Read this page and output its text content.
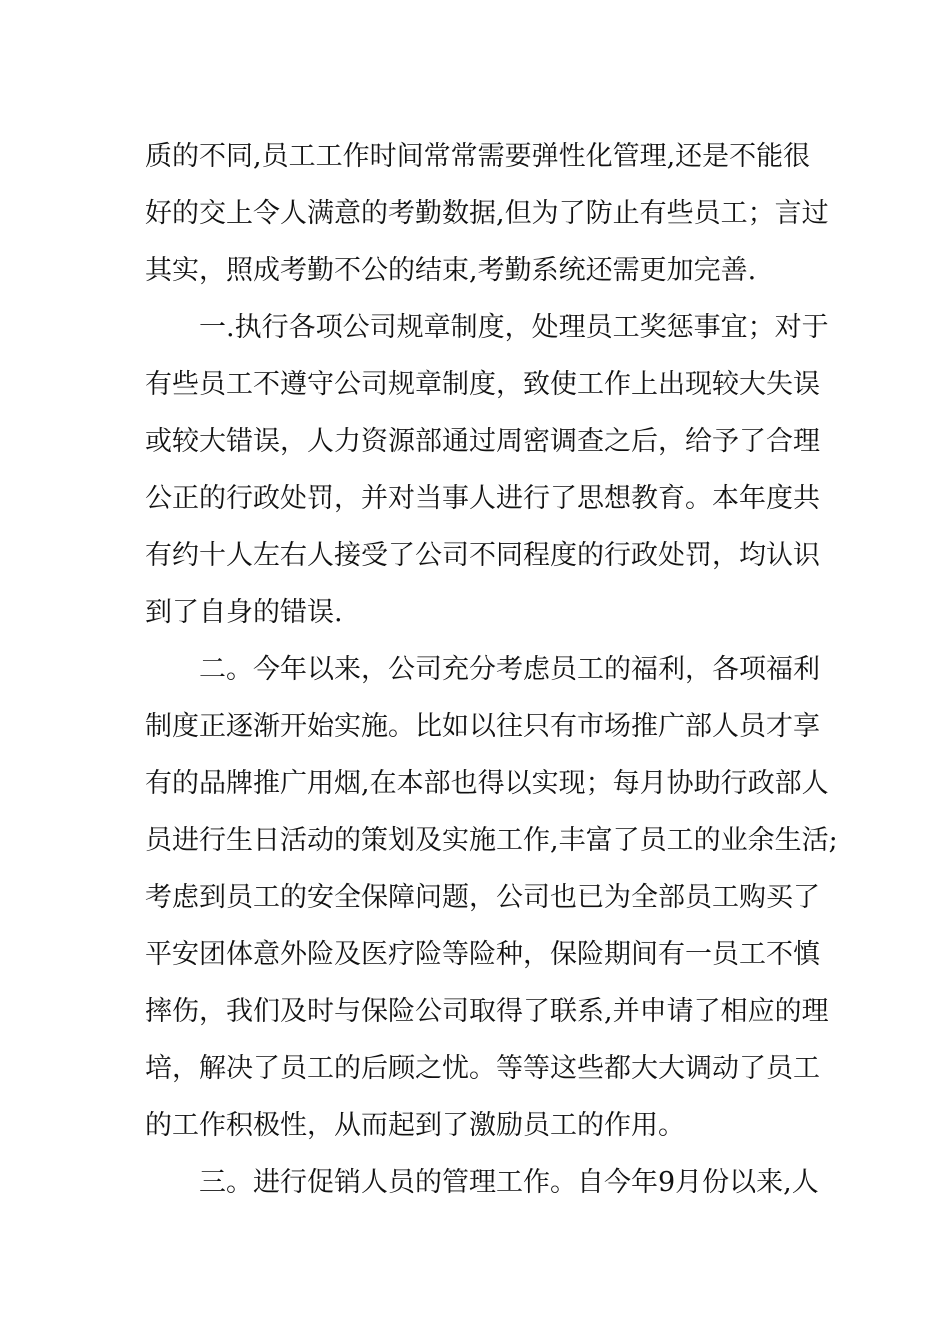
质的不同,员工工作时间常常需要弹性化管理,还是不能很
好的交上令人满意的考勤数据,但为了防止有些员工；言过
其实，照成考勤不公的结束,考勤系统还需更加完善.
一.执行各项公司规章制度，处理员工奖惩事宜；对于
有些员工不遵守公司规章制度，致使工作上出现较大失误
或较大错误，人力资源部通过周密调查之后，给予了合理
公正的行政处罚，并对当事人进行了思想教育。本年度共
有约十人左右人接受了公司不同程度的行政处罚，均认识
到了自身的错误.
二。今年以来，公司充分考虑员工的福利，各项福利
制度正逐渐开始实施。比如以往只有市场推广部人员才享
有的品牌推广用烟,在本部也得以实现；每月协助行政部人
员进行生日活动的策划及实施工作,丰富了员工的业余生活;
考虑到员工的安全保障问题，公司也已为全部员工购买了
平安团体意外险及医疗险等险种，保险期间有一员工不慎
摔伤，我们及时与保险公司取得了联系,并申请了相应的理
培，解决了员工的后顾之忧。等等这些都大大调动了员工
的工作积极性，从而起到了激励员工的作用。
三。进行促销人员的管理工作。自今年9月份以来,人
